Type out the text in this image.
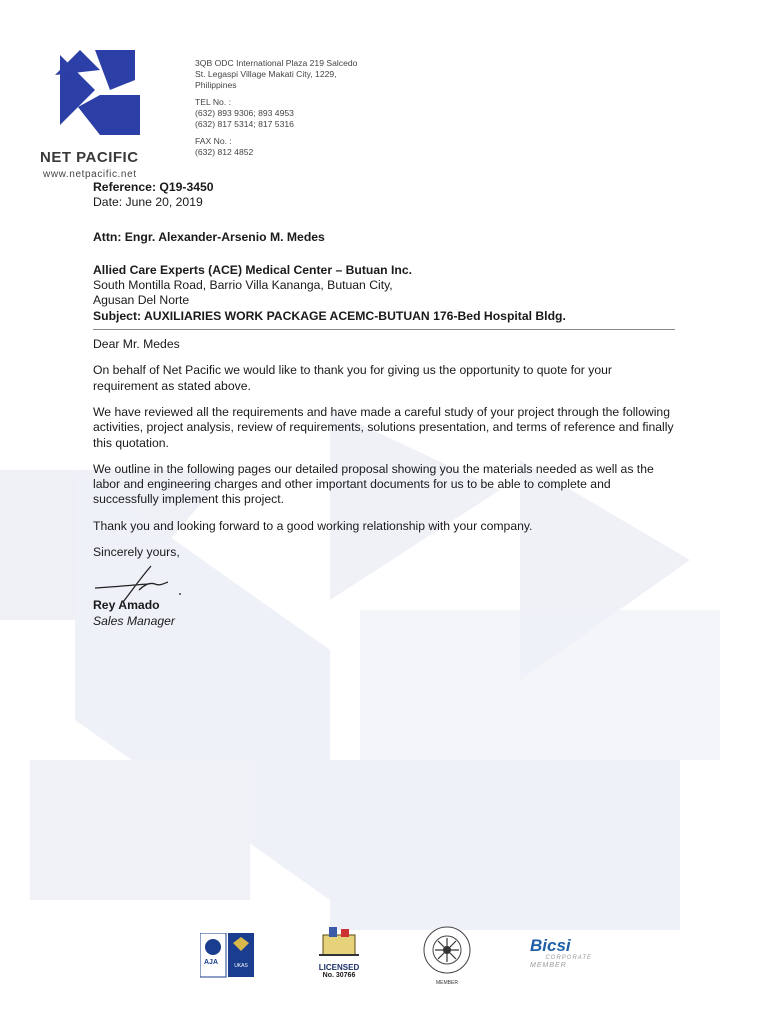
NET PACIFIC
www.netpacific.net
3QB ODC International Plaza 219 Salcedo
St. Legaspi Village Makati City, 1229,
Philippines
TEL No. :
(632) 893 9306; 893 4953
(632) 817 5314; 817 5316
FAX No. :
(632) 812 4852

Reference: Q19-3450

Date: June 20, 2019

Attn: Engr. Alexander-Arsenio M. Medes

Allied Care Experts (ACE) Medical Center – Butuan Inc.

South Montilla Road, Barrio Villa Kananga, Butuan City,

Agusan Del Norte

Subject: AUXILIARIES WORK PACKAGE ACEMC-BUTUAN 176-Bed Hospital Bldg.

Dear Mr. Medes

On behalf of Net Pacific we would like to thank you for giving us the opportunity to quote for your requirement as stated above.

We have reviewed all the requirements and have made a careful study of your project through the following activities, project analysis, review of requirements, solutions presentation, and terms of reference and finally this quotation.

We outline in the following pages our detailed proposal showing you the materials needed as well as the labor and engineering charges and other important documents for us to be able to complete and successfully implement this project.

Thank you and looking forward to a good working relationship with your company.

Sincerely yours,

Rey Amado

Sales Manager

UKAS
AJA
LICENSED
No. 30766
MEMBER
Bicsi
CORPORATE
MEMBER
